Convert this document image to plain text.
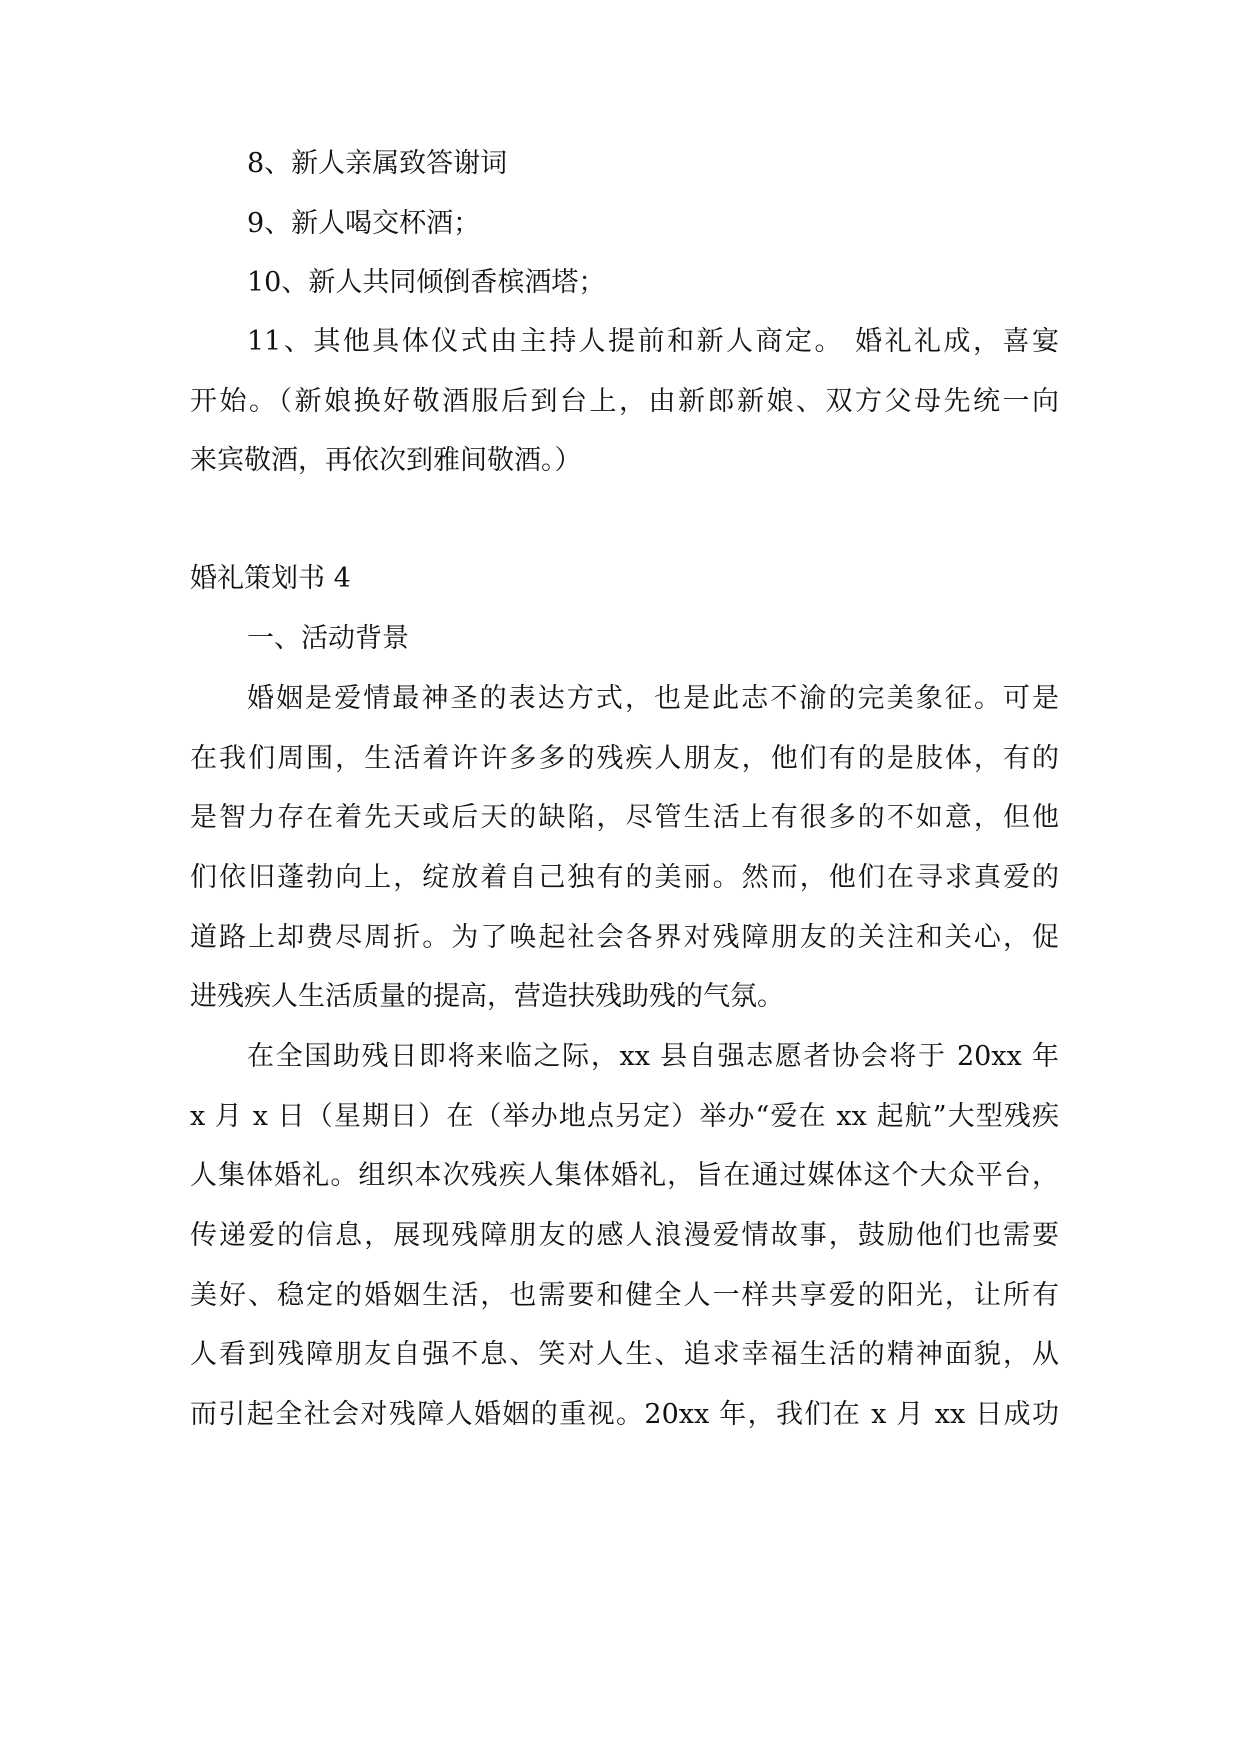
8、新人亲属致答谢词

9、新人喝交杯酒；

10、新人共同倾倒香槟酒塔；

11、其他具体仪式由主持人提前和新人商定。 婚礼礼成，喜宴

开始。（新娘换好敬酒服后到台上，由新郎新娘、双方父母先统一向

来宾敬酒，再依次到雅间敬酒。）

婚礼策划书 4

一、活动背景

婚姻是爱情最神圣的表达方式，也是此志不渝的完美象征。可是

在我们周围，生活着许许多多的残疾人朋友，他们有的是肢体，有的

是智力存在着先天或后天的缺陷，尽管生活上有很多的不如意，但他

们依旧蓬勃向上，绽放着自己独有的美丽。然而，他们在寻求真爱的

道路上却费尽周折。为了唤起社会各界对残障朋友的关注和关心，促

进残疾人生活质量的提高，营造扶残助残的气氛。

在全国助残日即将来临之际，xx 县自强志愿者协会将于 20xx 年

x 月 x 日（星期日）在（举办地点另定）举办“爱在 xx 起航”大型残疾

人集体婚礼。组织本次残疾人集体婚礼，旨在通过媒体这个大众平台，

传递爱的信息，展现残障朋友的感人浪漫爱情故事，鼓励他们也需要

美好、稳定的婚姻生活，也需要和健全人一样共享爱的阳光，让所有

人看到残障朋友自强不息、笑对人生、追求幸福生活的精神面貌，从

而引起全社会对残障人婚姻的重视。20xx 年，我们在 x 月 xx 日成功
